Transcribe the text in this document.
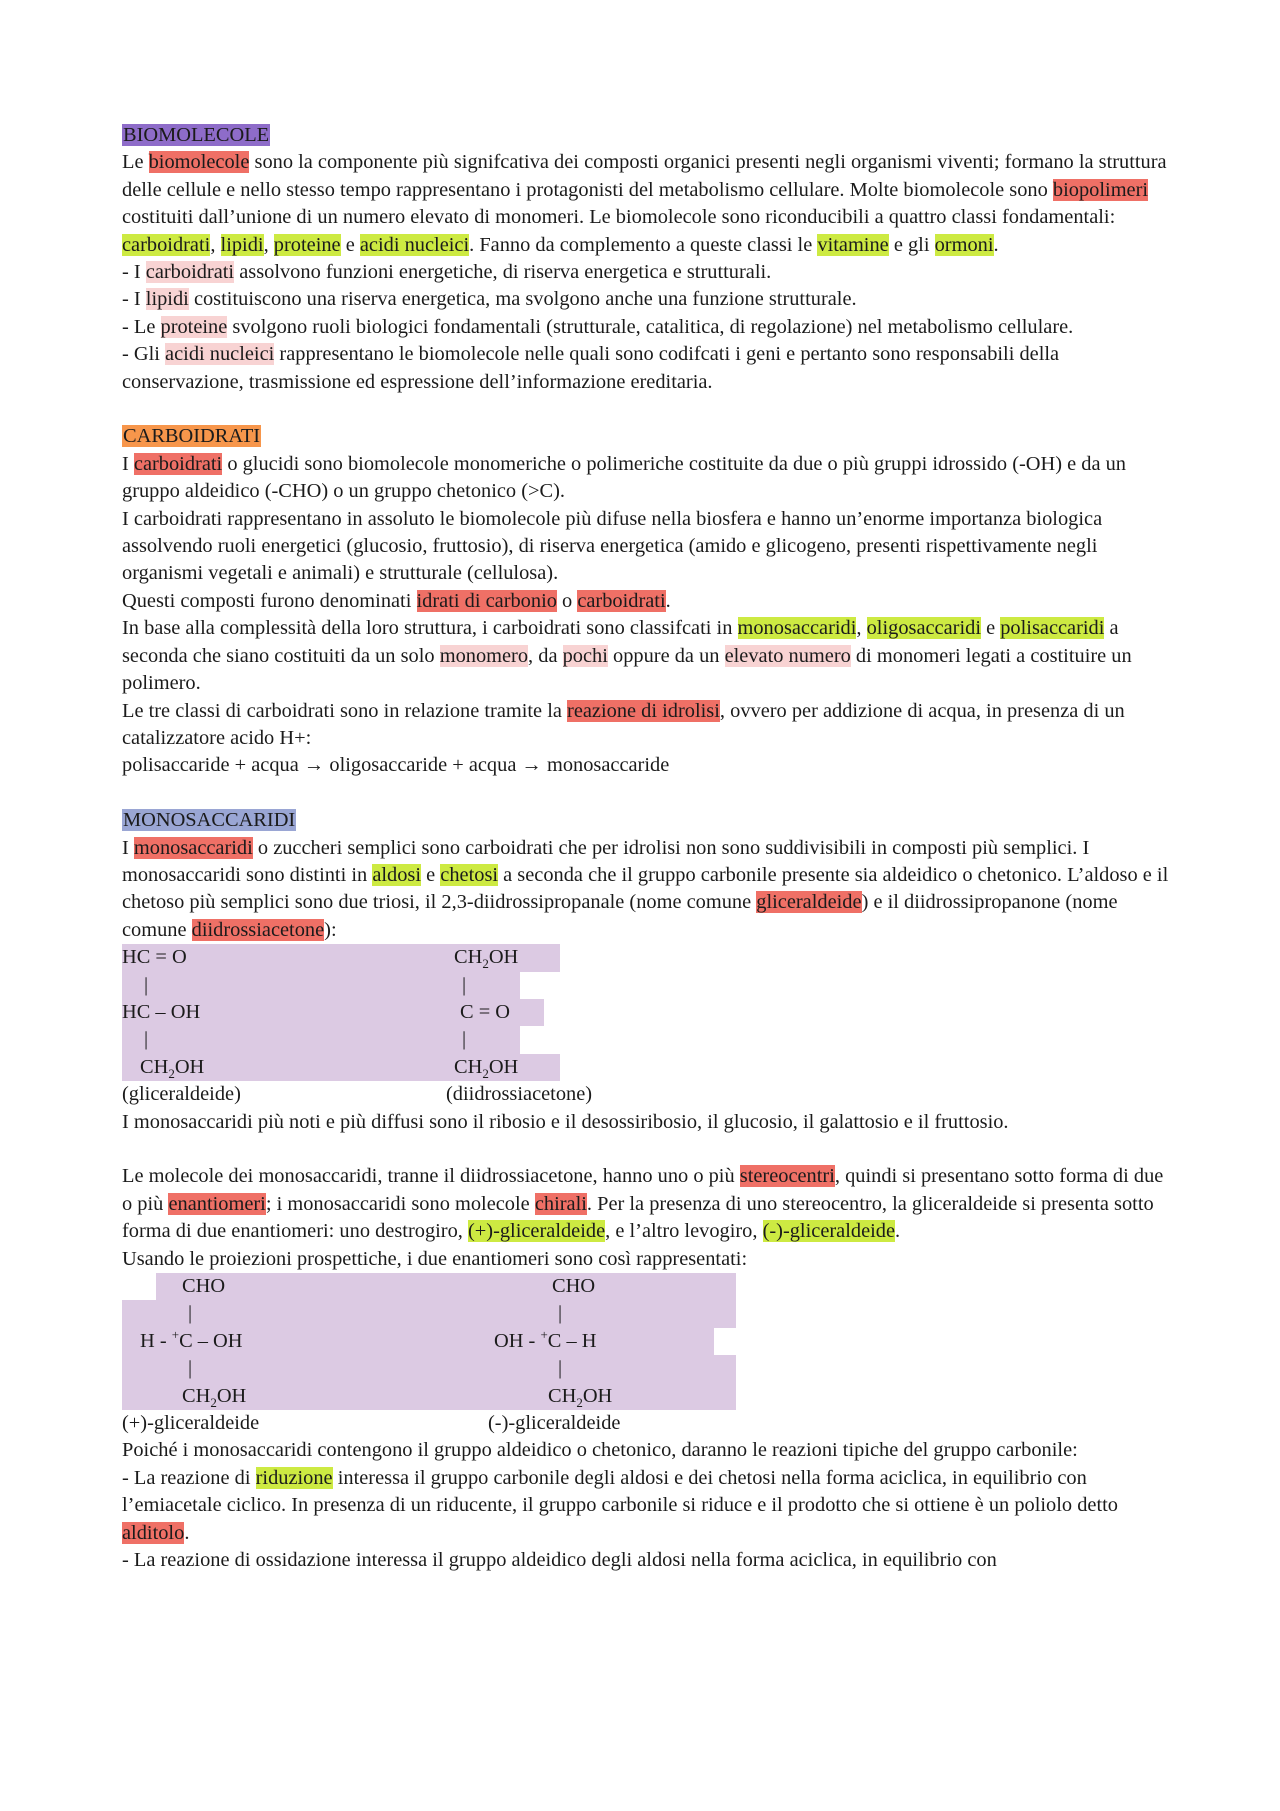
BIOMOLECOLE

Le biomolecole sono la componente più signifcativa dei composti organici presenti negli organismi viventi; formano la struttura delle cellule e nello stesso tempo rappresentano i protagonisti del metabolismo cellulare. Molte biomolecole sono biopolimeri costituiti dall’unione di un numero elevato di monomeri. Le biomolecole sono riconducibili a quattro classi fondamentali: carboidrati, lipidi, proteine e acidi nucleici. Fanno da complemento a queste classi le vitamine e gli ormoni.

- I carboidrati assolvono funzioni energetiche, di riserva energetica e strutturali.

- I lipidi costituiscono una riserva energetica, ma svolgono anche una funzione strutturale.

- Le proteine svolgono ruoli biologici fondamentali (strutturale, catalitica, di regolazione) nel metabolismo cellulare.

- Gli acidi nucleici rappresentano le biomolecole nelle quali sono codifcati i geni e pertanto sono responsabili della conservazione, trasmissione ed espressione dell’informazione ereditaria.

CARBOIDRATI

I carboidrati o glucidi sono biomolecole monomeriche o polimeriche costituite da due o più gruppi idrossido (-OH) e da un gruppo aldeidico (-CHO) o un gruppo chetonico (>C).

I carboidrati rappresentano in assoluto le biomolecole più difuse nella biosfera e hanno un’enorme importanza biologica assolvendo ruoli energetici (glucosio, fruttosio), di riserva energetica (amido e glicogeno, presenti rispettivamente negli organismi vegetali e animali) e strutturale (cellulosa).

Questi composti furono denominati idrati di carbonio o carboidrati.

In base alla complessità della loro struttura, i carboidrati sono classifcati in monosaccaridi, oligosaccaridi e polisaccaridi a seconda che siano costituiti da un solo monomero, da pochi oppure da un elevato numero di monomeri legati a costituire un polimero.

Le tre classi di carboidrati sono in relazione tramite la reazione di idrolisi, ovvero per addizione di acqua, in presenza di un catalizzatore acido H+:

polisaccaride + acqua → oligosaccaride + acqua → monosaccaride

MONOSACCARIDI

I monosaccaridi o zuccheri semplici sono carboidrati che per idrolisi non sono suddivisibili in composti più semplici. I monosaccaridi sono distinti in aldosi e chetosi a seconda che il gruppo carbonile presente sia aldeidico o chetonico. L’aldoso e il chetoso più semplici sono due triosi, il 2,3-diidrossipropanale (nome comune gliceraldeide) e il diidrossipropanone (nome comune diidrossiacetone):

HC = O
|
HC – OH
|
$CH_2OH$
$CH_2OH$
|
C = O
|
$CH_2OH$
(gliceraldeide)	(diidrossiacetone)

I monosaccaridi più noti e più diffusi sono il ribosio e il desossiribosio, il glucosio, il galattosio e il fruttosio.

Le molecole dei monosaccaridi, tranne il diidrossiacetone, hanno uno o più stereocentri, quindi si presentano sotto forma di due o più enantiomeri; i monosaccaridi sono molecole chirali. Per la presenza di uno stereocentro, la gliceraldeide si presenta sotto forma di due enantiomeri: uno destrogiro, (+)-gliceraldeide, e l’altro levogiro, (-)-gliceraldeide.

Usando le proiezioni prospettiche, i due enantiomeri sono così rappresentati:

CHO
|
H - +C – OH
|
$CH_2OH$
CHO
|
OH - +C – H
|
$CH_2OH$
(+)-gliceraldeide	(-)-gliceraldeide

Poiché i monosaccaridi contengono il gruppo aldeidico o chetonico, daranno le reazioni tipiche del gruppo carbonile:

- La reazione di riduzione interessa il gruppo carbonile degli aldosi e dei chetosi nella forma aciclica, in equilibrio con l’emiacetale ciclico. In presenza di un riducente, il gruppo carbonile si riduce e il prodotto che si ottiene è un poliolo detto alditolo.

- La reazione di ossidazione interessa il gruppo aldeidico degli aldosi nella forma aciclica, in equilibrio con
